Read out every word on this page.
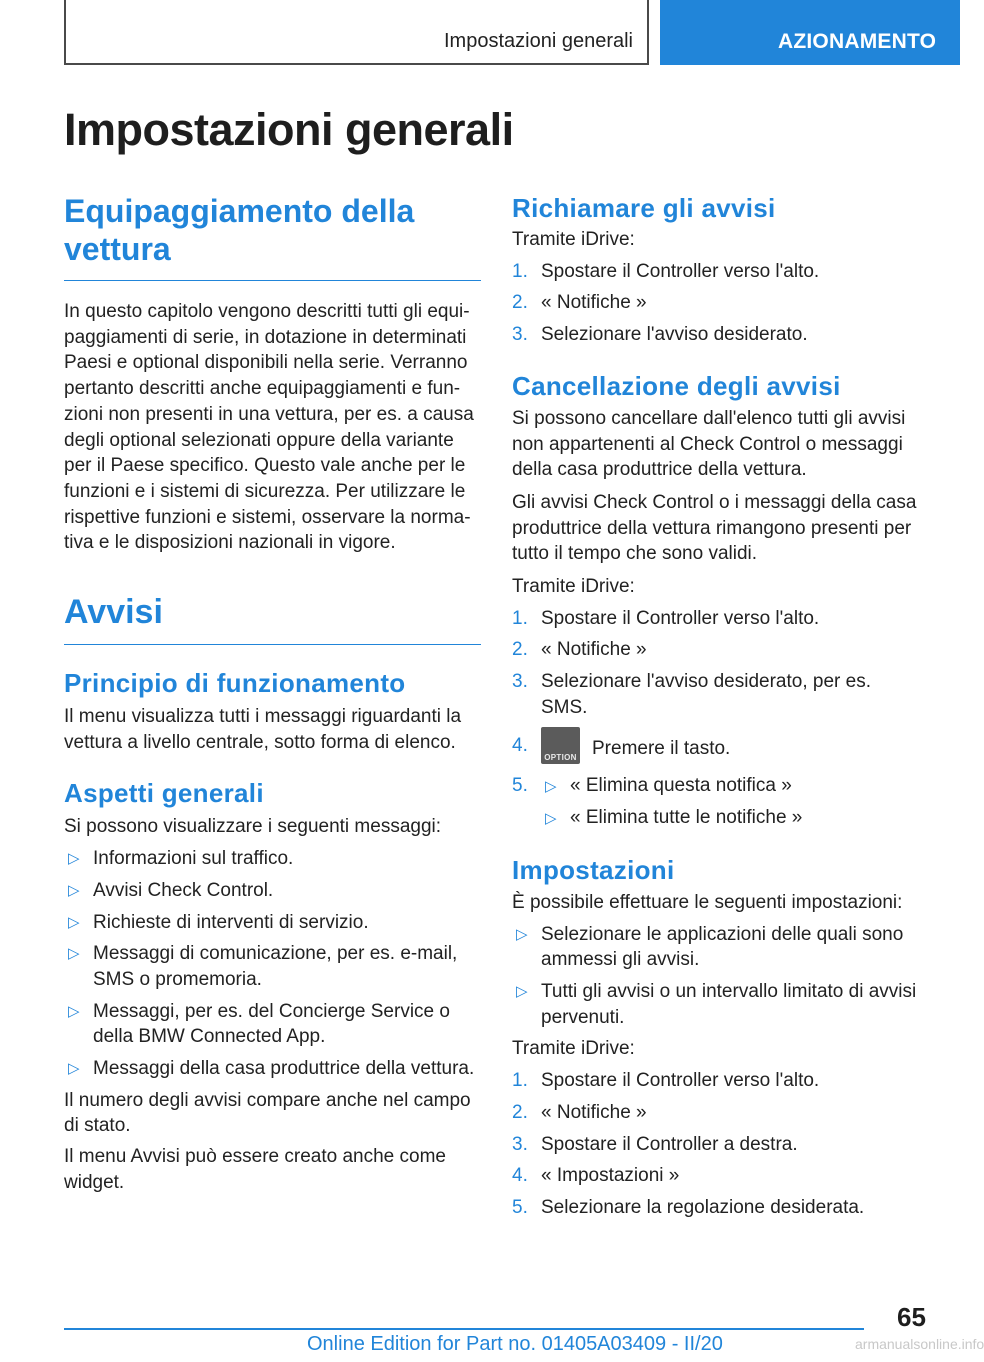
Impostazioni generali	AZIONAMENTO
Impostazioni generali
Equipaggiamento della
vettura

In questo capitolo vengono descritti tutti gli equi-
paggiamenti di serie, in dotazione in determinati
Paesi e optional disponibili nella serie. Verranno
pertanto descritti anche equipaggiamenti e fun-
zioni non presenti in una vettura, per es. a causa
degli optional selezionati oppure della variante
per il Paese specifico. Questo vale anche per le
funzioni e i sistemi di sicurezza. Per utilizzare le
rispettive funzioni e sistemi, osservare la norma-
tiva e le disposizioni nazionali in vigore.

Avvisi
Principio di funzionamento

Il menu visualizza tutti i messaggi riguardanti la
vettura a livello centrale, sotto forma di elenco.

Aspetti generali

Si possono visualizzare i seguenti messaggi:

▷ Informazioni sul traffico.
▷ Avvisi Check Control.
▷ Richieste di interventi di servizio.
▷ Messaggi di comunicazione, per es. e-mail,
SMS o promemoria.
▷ Messaggi, per es. del Concierge Service o
della BMW Connected App.
▷ Messaggi della casa produttrice della vettura.

Il numero degli avvisi compare anche nel campo
di stato.

Il menu Avvisi può essere creato anche come
widget.

Richiamare gli avvisi

Tramite iDrive:

1. Spostare il Controller verso l'alto.
2. « Notifiche »
3. Selezionare l'avviso desiderato.
Cancellazione degli avvisi

Si possono cancellare dall'elenco tutti gli avvisi
non appartenenti al Check Control o messaggi
della casa produttrice della vettura.

Gli avvisi Check Control o i messaggi della casa
produttrice della vettura rimangono presenti per
tutto il tempo che sono validi.

Tramite iDrive:

1. Spostare il Controller verso l'alto.
2. « Notifiche »
3. Selezionare l'avviso desiderato, per es. SMS.
4.
OPTION Premere il tasto.
5. ▷ « Elimina questa notifica »
▷ « Elimina tutte le notifiche »
Impostazioni

È possibile effettuare le seguenti impostazioni:

▷ Selezionare le applicazioni delle quali sono
ammessi gli avvisi.
▷ Tutti gli avvisi o un intervallo limitato di avvisi
pervenuti.

Tramite iDrive:

1. Spostare il Controller verso l'alto.
2. « Notifiche »
3. Spostare il Controller a destra.
4. « Impostazioni »
5. Selezionare la regolazione desiderata.
65
Online Edition for Part no. 01405A03409 - II/20	armanualsonline.info
